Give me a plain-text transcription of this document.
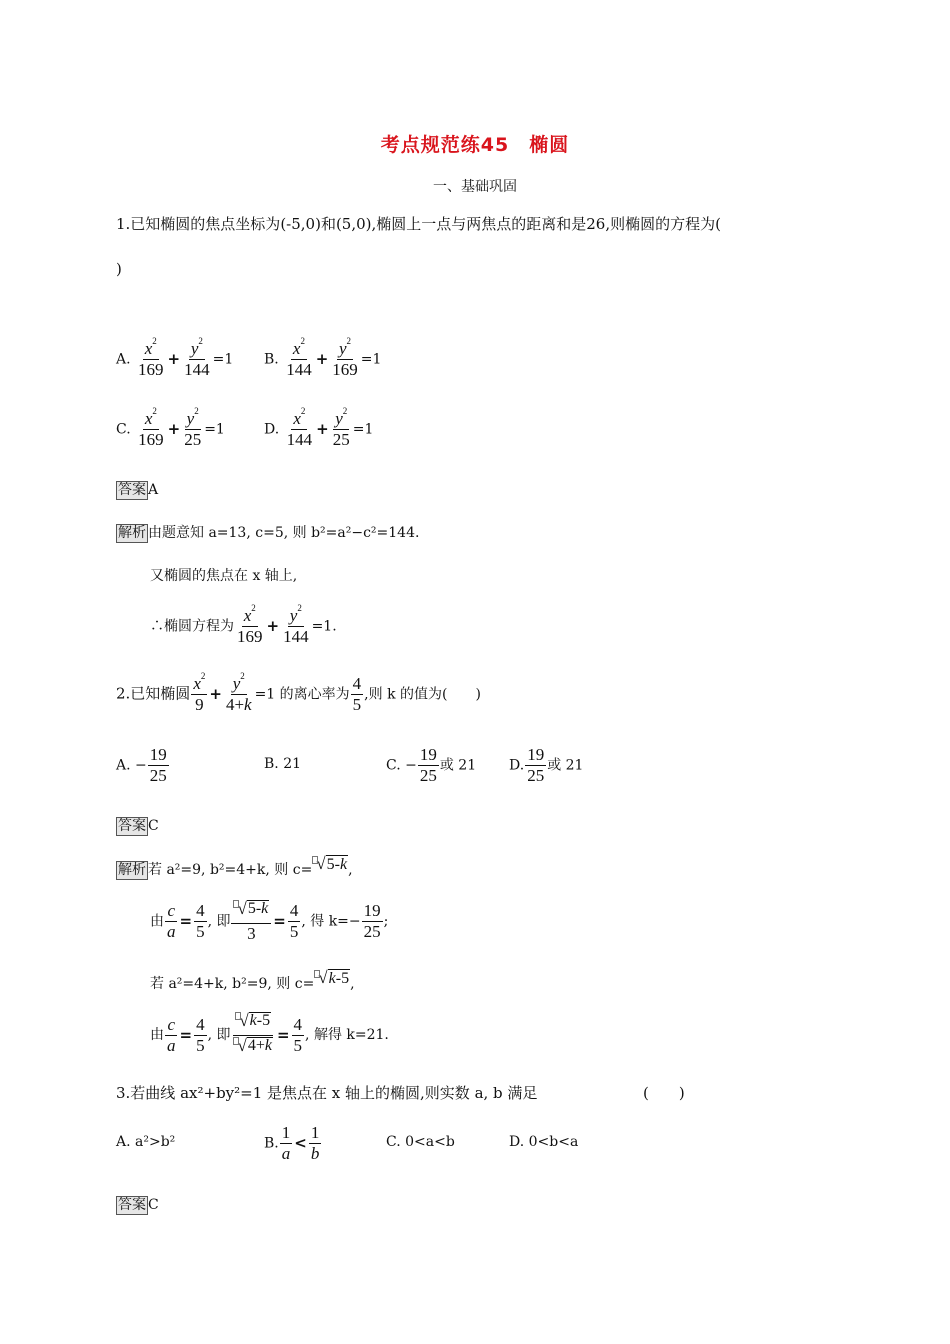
考点规范练45　椭圆
一、基础巩固
1.已知椭圆的焦点坐标为(-5,0)和(5,0),椭圆上一点与两焦点的距离和是26,则椭圆的方程为(
)
A. $\frac{x^2}{169} + \frac{y^2}{144} =1$ B. $\frac{x^2}{144} + \frac{y^2}{169} =1$
C. $\frac{x^2}{169} + \frac{y^2}{25} =1$	D. $\frac{x^2}{144} + \frac{y^2}{25} =1$
答案 A
解析 由题意知 a=13, c=5, 则 b²=a²−c²=144.
又椭圆的焦点在 x 轴上,
∴椭圆方程为 $\frac{x^2}{169} + \frac{y^2}{144} =1$.
2.已知椭圆 $\frac{x^2}{9} + \frac{y^2}{4+k} =1$ 的离心率为 $\frac{4}{5}$ ,则 k 的值为(　　)
A. − $\frac{19}{25}$	B. 21	C. − $\frac{19}{25}$ 或 21 D. $\frac{19}{25}$ 或 21
答案 C
解析 若 a²=9, b²=4+k, 则 c= √ 5-k ,
由 $\frac{c}{a} = \frac{4}{5}$ , 即 $\frac{√ 5-k}{3} = \frac{4}{5}$ , 得 $k=- \frac{19}{25}$ ;
若 a²=4+k, b²=9, 则 c= √ k-5 ,
由 $\frac{c}{a} = \frac{4}{5}$ , 即 $\frac{√ k-5}{√ 4+k} = \frac{4}{5}$ , 解得 k=21.
3.若曲线 ax²+by²=1 是焦点在 x 轴上的椭圆,则实数 a, b 满足	(　　)
A. a²>b²	B. $\frac{1}{a} < \frac{1}{b}$	C. 0<a<b	D. 0<b<a
答案 C
